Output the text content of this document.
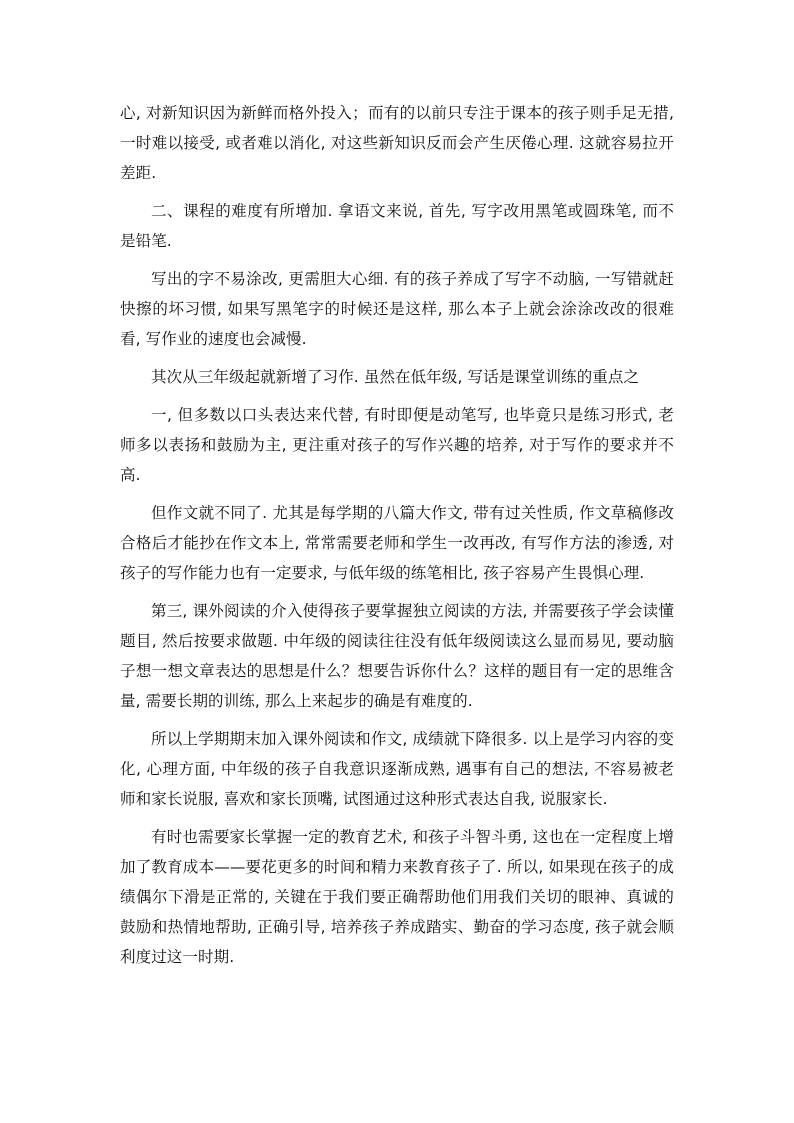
心, 对新知识因为新鲜而格外投入；而有的以前只专注于课本的孩子则手足无措, 一时难以接受, 或者难以消化, 对这些新知识反而会产生厌倦心理. 这就容易拉开差距.

二、课程的难度有所增加. 拿语文来说, 首先, 写字改用黑笔或圆珠笔, 而不是铅笔.

写出的字不易涂改, 更需胆大心细. 有的孩子养成了写字不动脑, 一写错就赶快擦的坏习惯, 如果写黑笔字的时候还是这样, 那么本子上就会涂涂改改的很难看, 写作业的速度也会减慢.

其次从三年级起就新增了习作. 虽然在低年级, 写话是课堂训练的重点之

一, 但多数以口头表达来代替, 有时即便是动笔写, 也毕竟只是练习形式, 老师多以表扬和鼓励为主, 更注重对孩子的写作兴趣的培养, 对于写作的要求并不高.

但作文就不同了. 尤其是每学期的八篇大作文, 带有过关性质, 作文草稿修改合格后才能抄在作文本上, 常常需要老师和学生一改再改, 有写作方法的渗透, 对孩子的写作能力也有一定要求, 与低年级的练笔相比, 孩子容易产生畏惧心理.

第三, 课外阅读的介入使得孩子要掌握独立阅读的方法, 并需要孩子学会读懂题目, 然后按要求做题. 中年级的阅读往往没有低年级阅读这么显而易见, 要动脑子想一想文章表达的思想是什么？想要告诉你什么？这样的题目有一定的思维含量, 需要长期的训练, 那么上来起步的确是有难度的.

所以上学期期末加入课外阅读和作文, 成绩就下降很多. 以上是学习内容的变化, 心理方面, 中年级的孩子自我意识逐渐成熟, 遇事有自己的想法, 不容易被老师和家长说服, 喜欢和家长顶嘴, 试图通过这种形式表达自我, 说服家长.

有时也需要家长掌握一定的教育艺术, 和孩子斗智斗勇, 这也在一定程度上增加了教育成本——要花更多的时间和精力来教育孩子了. 所以, 如果现在孩子的成绩偶尔下滑是正常的, 关键在于我们要正确帮助他们用我们关切的眼神、真诚的鼓励和热情地帮助, 正确引导, 培养孩子养成踏实、勤奋的学习态度, 孩子就会顺利度过这一时期.
